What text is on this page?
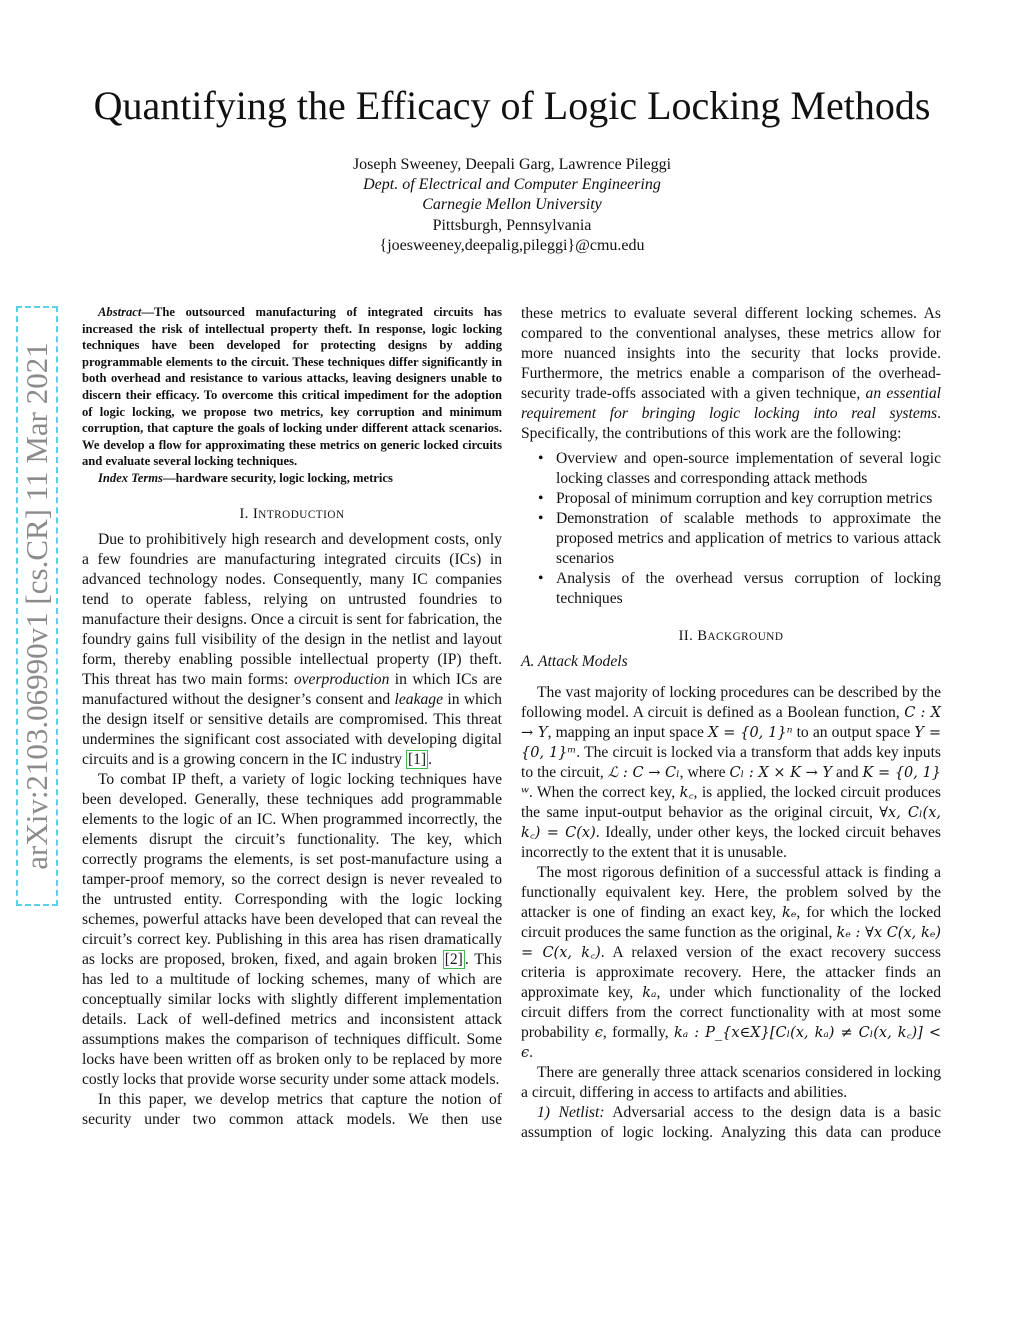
Quantifying the Efficacy of Logic Locking Methods
Joseph Sweeney, Deepali Garg, Lawrence Pileggi
Dept. of Electrical and Computer Engineering
Carnegie Mellon University
Pittsburgh, Pennsylvania
{joesweeney,deepalig,pileggi}@cmu.edu
arXiv:2103.06990v1 [cs.CR] 11 Mar 2021

Abstract—The outsourced manufacturing of integrated circuits has increased the risk of intellectual property theft. In response, logic locking techniques have been developed for protecting designs by adding programmable elements to the circuit. These techniques differ significantly in both overhead and resistance to various attacks, leaving designers unable to discern their efficacy. To overcome this critical impediment for the adoption of logic locking, we propose two metrics, key corruption and minimum corruption, that capture the goals of locking under different attack scenarios. We develop a flow for approximating these metrics on generic locked circuits and evaluate several locking techniques.

Index Terms—hardware security, logic locking, metrics

I. INTRODUCTION

Due to prohibitively high research and development costs, only a few foundries are manufacturing integrated circuits (ICs) in advanced technology nodes. Consequently, many IC companies tend to operate fabless, relying on untrusted foundries to manufacture their designs. Once a circuit is sent for fabrication, the foundry gains full visibility of the design in the netlist and layout form, thereby enabling possible intellectual property (IP) theft. This threat has two main forms: overproduction in which ICs are manufactured without the designer’s consent and leakage in which the design itself or sensitive details are compromised. This threat undermines the significant cost associated with developing digital circuits and is a growing concern in the IC industry [1] .

To combat IP theft, a variety of logic locking techniques have been developed. Generally, these techniques add programmable elements to the logic of an IC. When programmed incorrectly, the elements disrupt the circuit’s functionality. The key, which correctly programs the elements, is set post-manufacture using a tamper-proof memory, so the correct design is never revealed to the untrusted entity. Corresponding with the logic locking schemes, powerful attacks have been developed that can reveal the circuit’s correct key. Publishing in this area has risen dramatically as locks are proposed, broken, fixed, and again broken [2] . This has led to a multitude of locking schemes, many of which are conceptually similar locks with slightly different implementation details. Lack of well-defined metrics and inconsistent attack assumptions makes the comparison of techniques difficult. Some locks have been written off as broken only to be replaced by more costly locks that provide worse security under some attack models.

In this paper, we develop metrics that capture the notion of security under two common attack models. We then use

these metrics to evaluate several different locking schemes. As compared to the conventional analyses, these metrics allow for more nuanced insights into the security that locks provide. Furthermore, the metrics enable a comparison of the overhead-security trade-offs associated with a given technique, an essential requirement for bringing logic locking into real systems. Specifically, the contributions of this work are the following:

• Overview and open-source implementation of several logic locking classes and corresponding attack methods
• Proposal of minimum corruption and key corruption metrics
• Demonstration of scalable methods to approximate the proposed metrics and application of metrics to various attack scenarios
• Analysis of the overhead versus corruption of locking techniques

II. BACKGROUND

A. Attack Models

The vast majority of locking procedures can be described by the following model. A circuit is defined as a Boolean function, C : X → Y, mapping an input space X = {0, 1}ⁿ to an output space Y = {0, 1}ᵐ. The circuit is locked via a transform that adds key inputs to the circuit, ℒ : C → Cₗ, where Cₗ : X × K → Y and K = {0, 1}ʷ. When the correct key, k꜀, is applied, the locked circuit produces the same input-output behavior as the original circuit, ∀x, Cₗ(x, k꜀) = C(x). Ideally, under other keys, the locked circuit behaves incorrectly to the extent that it is unusable.

The most rigorous definition of a successful attack is finding a functionally equivalent key. Here, the problem solved by the attacker is one of finding an exact key, kₑ, for which the locked circuit produces the same function as the original, kₑ : ∀x C(x, kₑ) = C(x, k꜀). A relaxed version of the exact recovery success criteria is approximate recovery. Here, the attacker finds an approximate key, kₐ, under which functionality of the locked circuit differs from the correct functionality with at most some probability ϵ, formally, kₐ : P_{x∈X}[Cₗ(x, kₐ) ≠ Cₗ(x, k꜀)] < ϵ.

There are generally three attack scenarios considered in locking a circuit, differing in access to artifacts and abilities.

1) Netlist: Adversarial access to the design data is a basic assumption of logic locking. Analyzing this data can produce
